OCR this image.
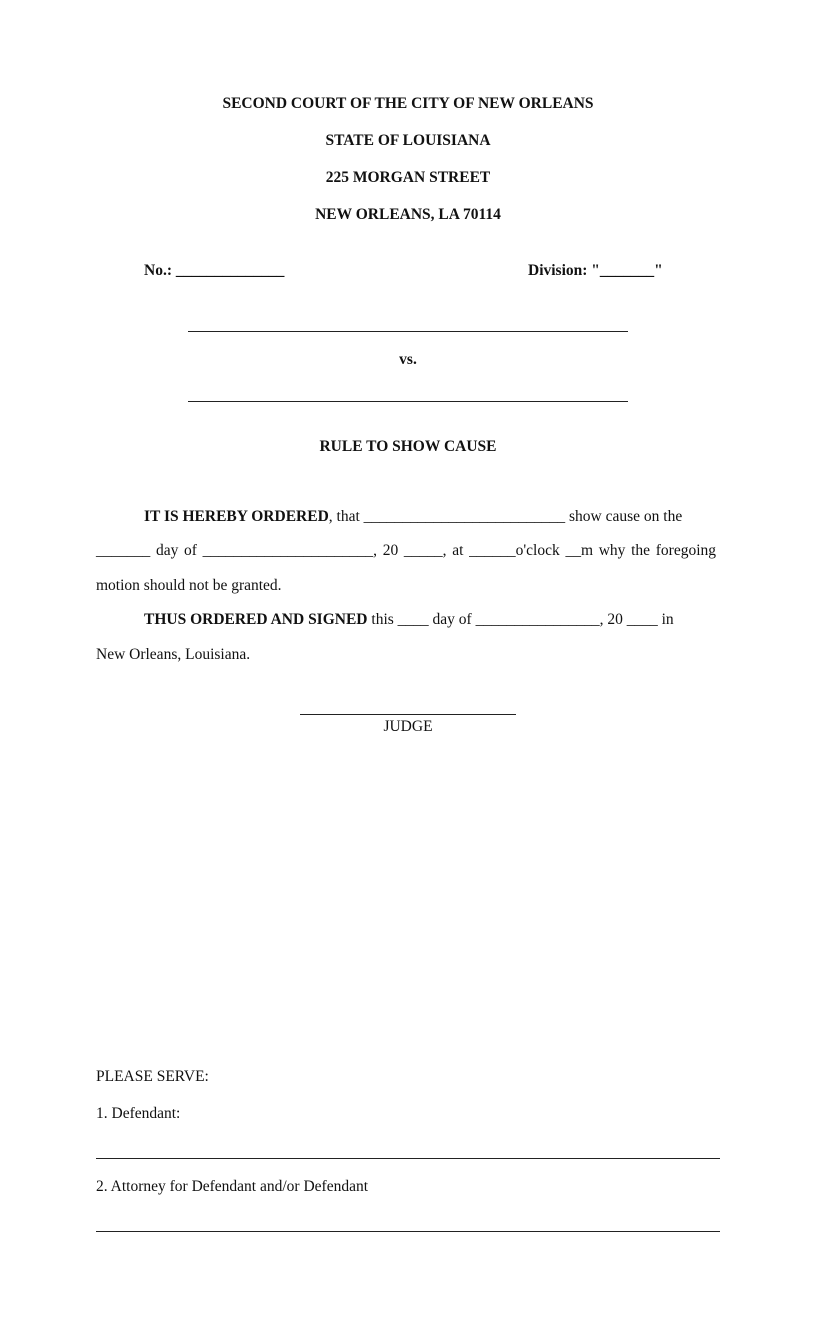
SECOND COURT OF THE CITY OF NEW ORLEANS
STATE OF LOUISIANA
225 MORGAN STREET
NEW ORLEANS, LA 70114
No.: ______________	Division: "_______"
vs.
RULE TO SHOW CAUSE
IT IS HEREBY ORDERED, that __________________________ show cause on the
_______ day of ______________________, 20 _____, at ______o'clock __m why the foregoing
motion should not be granted.
THUS ORDERED AND SIGNED this ____ day of ________________, 20 ____ in
New Orleans, Louisiana.
JUDGE
PLEASE SERVE:
1. Defendant:
2. Attorney for Defendant and/or Defendant
